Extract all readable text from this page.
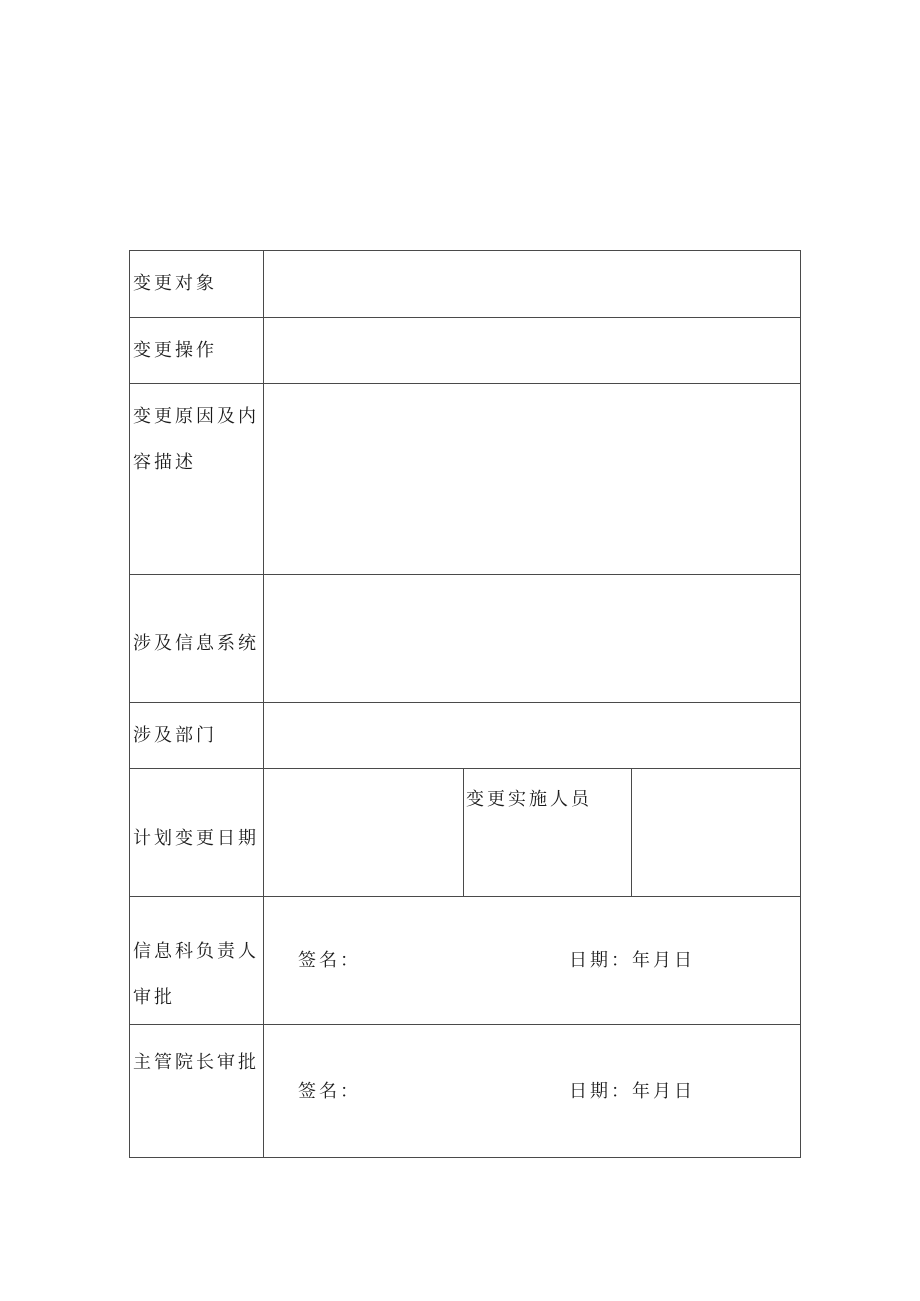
变更对象			

变更操作			

变更原因及内容描述			

涉及信息系统			

涉及部门			

计划变更日期		变更实施人员	

信息科负责人审批	签名： 日期：年月日		

主管院长审批	签名： 日期：年月日		
